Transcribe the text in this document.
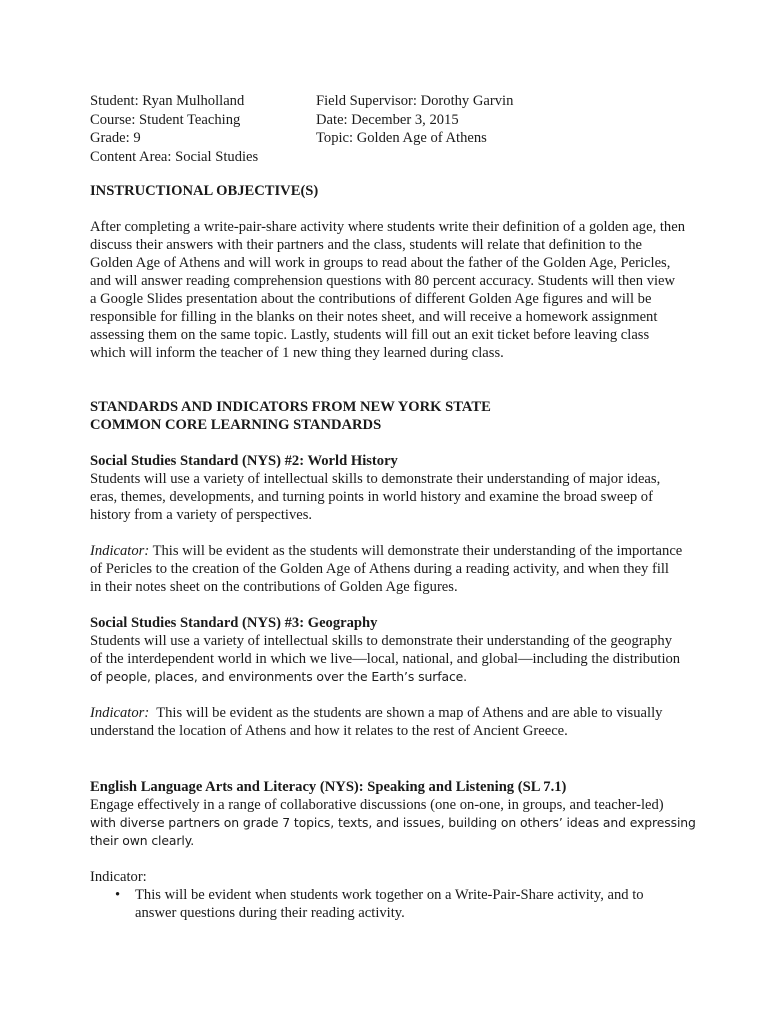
Student: Ryan Mulholland
Course: Student Teaching
Grade: 9
Content Area: Social Studies
Field Supervisor: Dorothy Garvin
Date: December 3, 2015
Topic: Golden Age of Athens
INSTRUCTIONAL OBJECTIVE(S)
After completing a write-pair-share activity where students write their definition of a golden age, then
discuss their answers with their partners and the class, students will relate that definition to the
Golden Age of Athens and will work in groups to read about the father of the Golden Age, Pericles,
and will answer reading comprehension questions with 80 percent accuracy. Students will then view
a Google Slides presentation about the contributions of different Golden Age figures and will be
responsible for filling in the blanks on their notes sheet, and will receive a homework assignment
assessing them on the same topic. Lastly, students will fill out an exit ticket before leaving class
which will inform the teacher of 1 new thing they learned during class.
STANDARDS AND INDICATORS FROM NEW YORK STATE
COMMON CORE LEARNING STANDARDS
Social Studies Standard (NYS) #2: World History
Students will use a variety of intellectual skills to demonstrate their understanding of major ideas,
eras, themes, developments, and turning points in world history and examine the broad sweep of
history from a variety of perspectives.
Indicator: This will be evident as the students will demonstrate their understanding of the importance
of Pericles to the creation of the Golden Age of Athens during a reading activity, and when they fill
in their notes sheet on the contributions of Golden Age figures.
Social Studies Standard (NYS) #3: Geography
Students will use a variety of intellectual skills to demonstrate their understanding of the geography
of the interdependent world in which we live—local, national, and global—including the distribution
of people, places, and environments over the Earth’s surface.
Indicator:  This will be evident as the students are shown a map of Athens and are able to visually
understand the location of Athens and how it relates to the rest of Ancient Greece.
English Language Arts and Literacy (NYS): Speaking and Listening (SL 7.1)
Engage effectively in a range of collaborative discussions (one on-one, in groups, and teacher-led)
with diverse partners on grade 7 topics, texts, and issues, building on others’ ideas and expressing
their own clearly.
Indicator:
•	This will be evident when students work together on a Write-Pair-Share activity, and to
answer questions during their reading activity.
